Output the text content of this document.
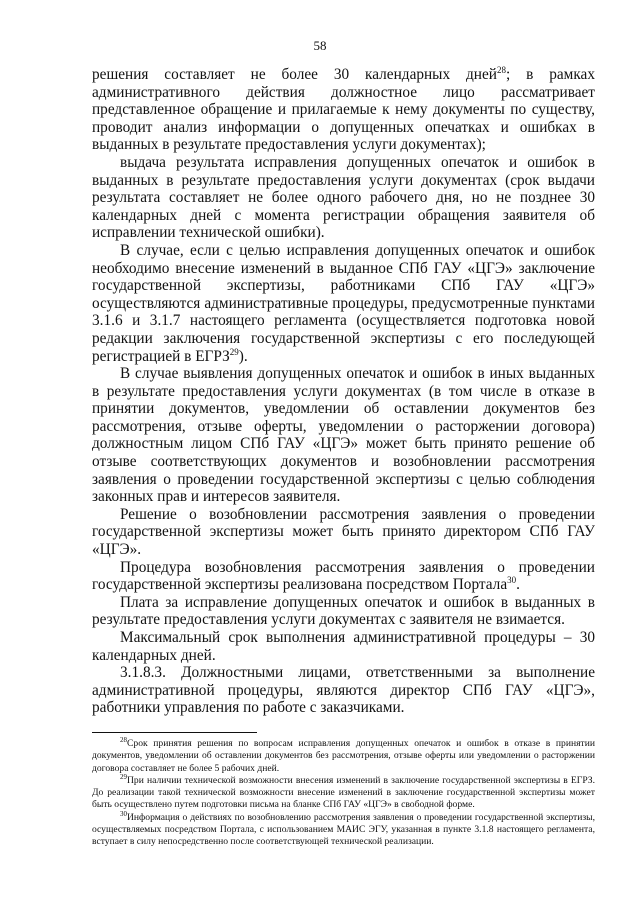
58

решения составляет не более 30 календарных дней$^{28}$; в рамках административного действия должностное лицо рассматривает представленное обращение и прилагаемые к нему документы по существу, проводит анализ информации о допущенных опечатках и ошибках в выданных в результате предоставления услуги документах);

выдача результата исправления допущенных опечаток и ошибок в выданных в результате предоставления услуги документах (срок выдачи результата составляет не более одного рабочего дня, но не позднее 30 календарных дней с момента регистрации обращения заявителя об исправлении технической ошибки).

В случае, если с целью исправления допущенных опечаток и ошибок необходимо внесение изменений в выданное СПб ГАУ «ЦГЭ» заключение государственной экспертизы, работниками СПб ГАУ «ЦГЭ» осуществляются административные процедуры, предусмотренные пунктами 3.1.6 и 3.1.7 настоящего регламента (осуществляется подготовка новой редакции заключения государственной экспертизы с его последующей регистрацией в ЕГРЗ$^{29}$).

В случае выявления допущенных опечаток и ошибок в иных выданных в результате предоставления услуги документах (в том числе в отказе в принятии документов, уведомлении об оставлении документов без рассмотрения, отзыве оферты, уведомлении о расторжении договора) должностным лицом СПб ГАУ «ЦГЭ» может быть принято решение об отзыве соответствующих документов и возобновлении рассмотрения заявления о проведении государственной экспертизы с целью соблюдения законных прав и интересов заявителя.

Решение о возобновлении рассмотрения заявления о проведении государственной экспертизы может быть принято директором СПб ГАУ «ЦГЭ».

Процедура возобновления рассмотрения заявления о проведении государственной экспертизы реализована посредством Портала$^{30}$.

Плата за исправление допущенных опечаток и ошибок в выданных в результате предоставления услуги документах с заявителя не взимается.

Максимальный срок выполнения административной процедуры – 30 календарных дней.

3.1.8.3. Должностными лицами, ответственными за выполнение административной процедуры, являются директор СПб ГАУ «ЦГЭ», работники управления по работе с заказчиками.

$^{28}$Срок принятия решения по вопросам исправления допущенных опечаток и ошибок в отказе в принятии документов, уведомлении об оставлении документов без рассмотрения, отзыве оферты или уведомлении о расторжении договора составляет не более 5 рабочих дней.

$^{29}$При наличии технической возможности внесения изменений в заключение государственной экспертизы в ЕГРЗ. До реализации такой технической возможности внесение изменений в заключение государственной экспертизы может быть осуществлено путем подготовки письма на бланке СПб ГАУ «ЦГЭ» в свободной форме.

$^{30}$Информация о действиях по возобновлению рассмотрения заявления о проведении государственной экспертизы, осуществляемых посредством Портала, с использованием МАИС ЭГУ, указанная в пункте 3.1.8 настоящего регламента, вступает в силу непосредственно после соответствующей технической реализации.
